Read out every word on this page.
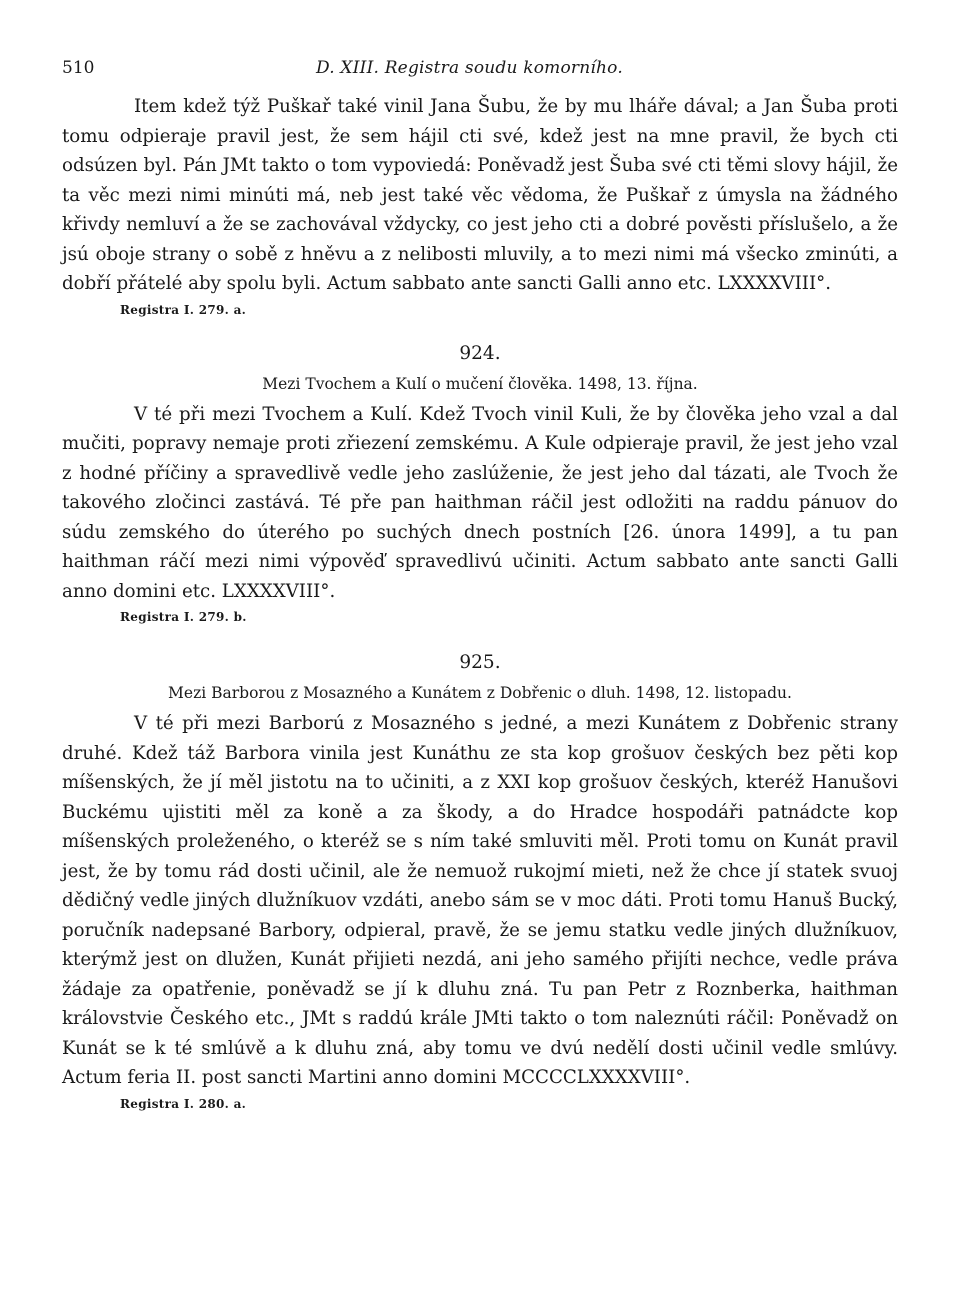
510	D. XIII. Registra soudu komorního.

Item kdež týž Puškař také vinil Jana Šubu, že by mu lháře dával; a Jan Šuba proti tomu odpieraje pravil jest, že sem hájil cti své, kdež jest na mne pravil, že bych cti odsúzen byl. Pán JMt takto o tom vypoviedá: Poněvadž jest Šuba své cti těmi slovy hájil, že ta věc mezi nimi minúti má, neb jest také věc vědoma, že Puškař z úmysla na žádného křivdy nemluví a že se zachovával vždycky, co jest jeho cti a dobré pověsti příslušelo, a že jsú oboje strany o sobě z hněvu a z nelibosti mluvily, a to mezi nimi má všecko zminúti, a dobří přátelé aby spolu byli. Actum sabbato ante sancti Galli anno etc. LXXXXVIII°.

Registra I. 279. a.
924.

Mezi Tvochem a Kulí o mučení člověka. 1498, 13. října.

V té při mezi Tvochem a Kulí. Kdež Tvoch vinil Kuli, že by člověka jeho vzal a dal mučiti, popravy nemaje proti zřiezení zemskému. A Kule odpieraje pravil, že jest jeho vzal z hodné příčiny a spravedlivě vedle jeho zaslúženie, že jest jeho dal tázati, ale Tvoch že takového zločinci zastává. Té pře pan haithman ráčil jest odložiti na raddu pánuov do súdu zemského do úterého po suchých dnech postních [26. února 1499], a tu pan haithman ráčí mezi nimi výpověď spravedlivú učiniti. Actum sabbato ante sancti Galli anno domini etc. LXXXXVIII°.

Registra I. 279. b.
925.

Mezi Barborou z Mosazného a Kunátem z Dobřenic o dluh. 1498, 12. listopadu.

V té při mezi Barború z Mosazného s jedné, a mezi Kunátem z Dobřenic strany druhé. Kdež táž Barbora vinila jest Kunáthu ze sta kop grošuov českých bez pěti kop míšenských, že jí měl jistotu na to učiniti, a z XXI kop grošuov českých, kteréž Hanušovi Buckému ujistiti měl za koně a za škody, a do Hradce hospodáři patnádcte kop míšenských proleženého, o kteréž se s ním také smluviti měl. Proti tomu on Kunát pravil jest, že by tomu rád dosti učinil, ale že nemuož rukojmí mieti, než že chce jí statek svuoj dědičný vedle jiných dlužníkuov vzdáti, anebo sám se v moc dáti. Proti tomu Hanuš Bucký, poručník nadepsané Barbory, odpieral, pravě, že se jemu statku vedle jiných dlužníkuov, kterýmž jest on dlužen, Kunát přijieti nezdá, ani jeho samého přijíti nechce, vedle práva žádaje za opatřenie, poněvadž se jí k dluhu zná. Tu pan Petr z Roznberka, haithman královstvie Českého etc., JMt s raddú krále JMti takto o tom naleznúti ráčil: Poněvadž on Kunát se k té smlúvě a k dluhu zná, aby tomu ve dvú nedělí dosti učinil vedle smlúvy. Actum feria II. post sancti Martini anno domini MCCCCLXXXXVIII°.

Registra I. 280. a.
